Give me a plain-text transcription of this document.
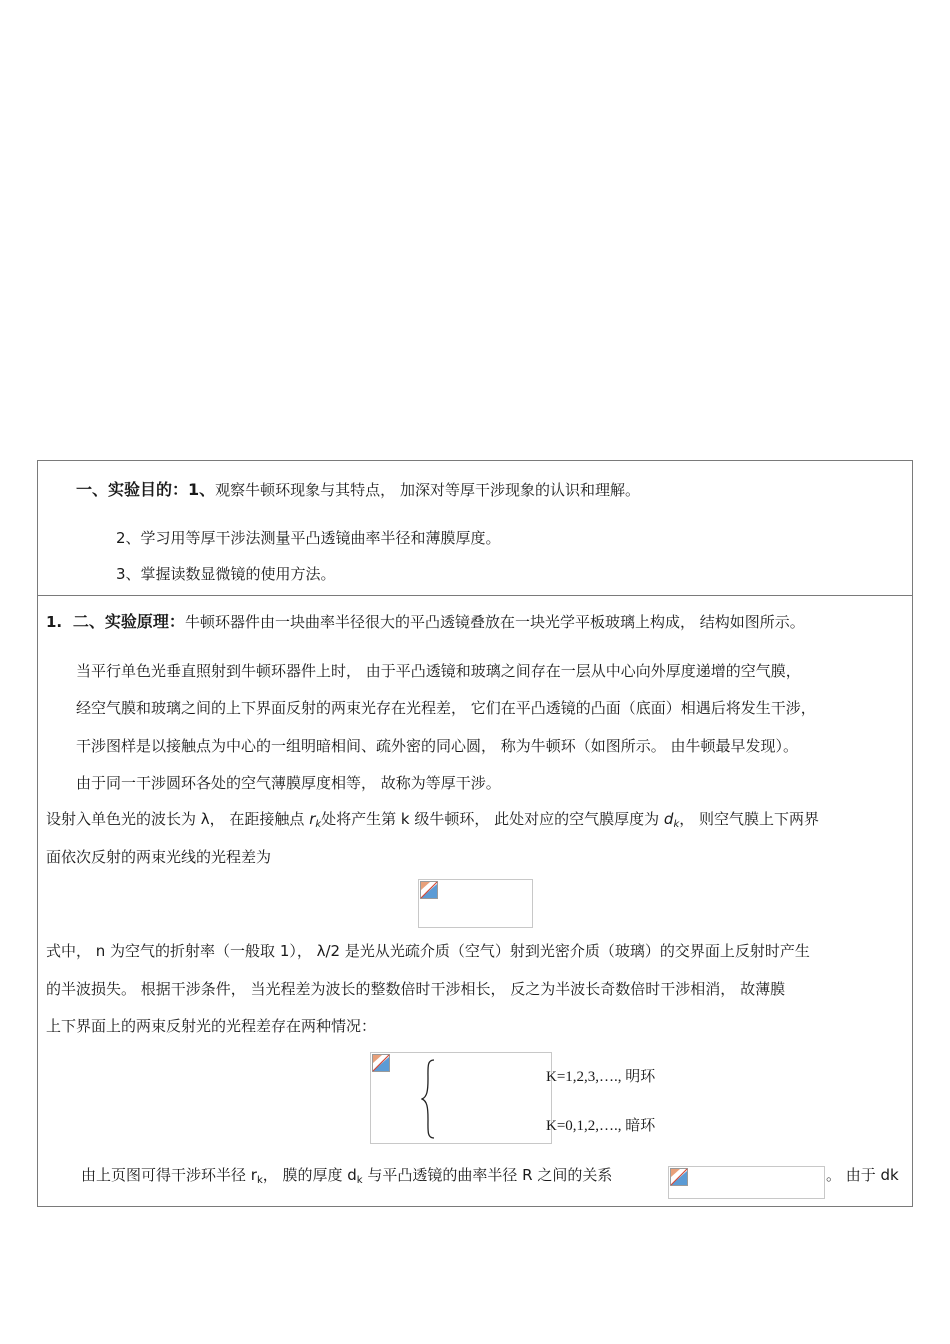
一、实验目的：1、观察牛顿环现象与其特点， 加深对等厚干涉现象的认识和理解。
2、学习用等厚干涉法测量平凸透镜曲率半径和薄膜厚度。
3、掌握读数显微镜的使用方法。
1. 二、实验原理：牛顿环器件由一块曲率半径很大的平凸透镜叠放在一块光学平板玻璃上构成， 结构如图所示。
当平行单色光垂直照射到牛顿环器件上时， 由于平凸透镜和玻璃之间存在一层从中心向外厚度递增的空气膜，
经空气膜和玻璃之间的上下界面反射的两束光存在光程差， 它们在平凸透镜的凸面（底面）相遇后将发生干涉，
干涉图样是以接触点为中心的一组明暗相间、疏外密的同心圆， 称为牛顿环（如图所示。 由牛顿最早发现）。
由于同一干涉圆环各处的空气薄膜厚度相等， 故称为等厚干涉。
设射入单色光的波长为 λ， 在距接触点 $r_k$处将产生第 k 级牛顿环， 此处对应的空气膜厚度为 $d_k$， 则空气膜上下两界
面依次反射的两束光线的光程差为
式中， n 为空气的折射率（一般取 1）， λ/2 是光从光疏介质（空气）射到光密介质（玻璃）的交界面上反射时产生
的半波损失。 根据干涉条件， 当光程差为波长的整数倍时干涉相长， 反之为半波长奇数倍时干涉相消， 故薄膜
上下界面上的两束反射光的光程差存在两种情况：
K=1,2,3,…., 明环
K=0,1,2,…., 暗环
由上页图可得干涉环半径 $r_k$， 膜的厚度 $d_k$ 与平凸透镜的曲率半径 R 之间的关系	。 由于 dk
